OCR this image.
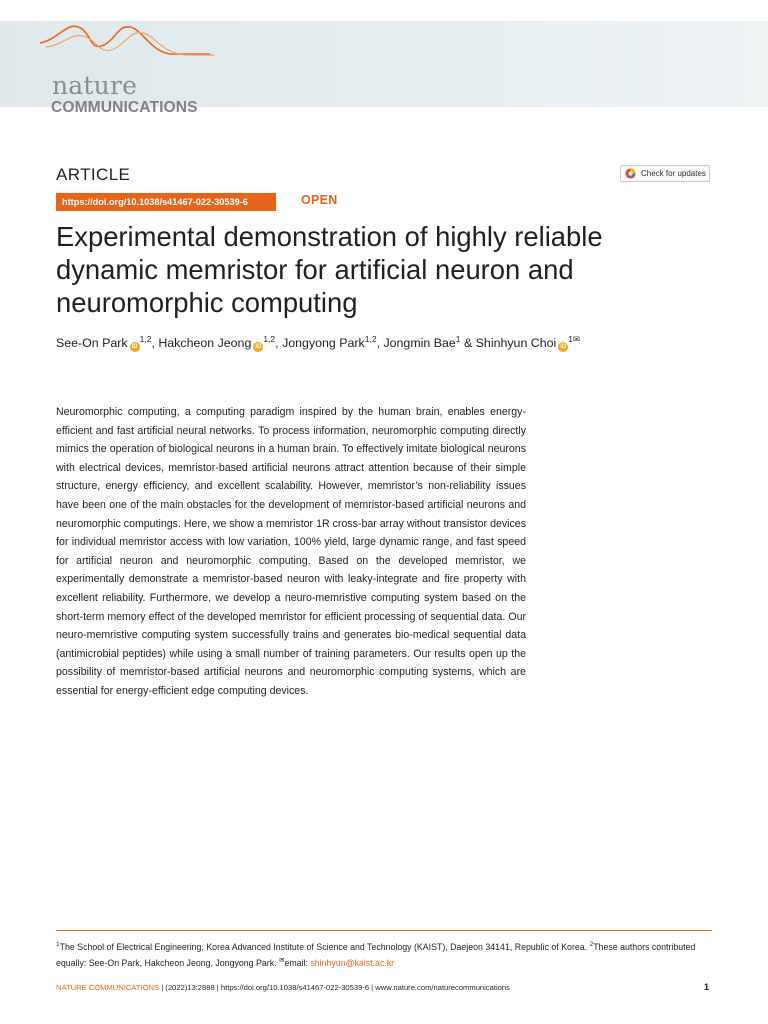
nature
COMMUNICATIONS
ARTICLE	Check for updates
https://doi.org/10.1038/s41467-022-30539-6	OPEN
Experimental demonstration of highly reliable dynamic memristor for artificial neuron and neuromorphic computing
See-On Park iD$^{1,2}$, Hakcheon Jeong iD$^{1,2}$, Jongyong Park$^{1,2}$, Jongmin Bae$^1$ & Shinhyun Choi $iD^{1✉}$
Neuromorphic computing, a computing paradigm inspired by the human brain, enables energy-efficient and fast artificial neural networks. To process information, neuromorphic computing directly mimics the operation of biological neurons in a human brain. To effectively imitate biological neurons with electrical devices, memristor-based artificial neurons attract attention because of their simple structure, energy efficiency, and excellent scalability. However, memristor’s non-reliability issues have been one of the main obstacles for the development of memristor-based artificial neurons and neuromorphic computings. Here, we show a memristor 1R cross-bar array without transistor devices for individual memristor access with low variation, 100% yield, large dynamic range, and fast speed for artificial neuron and neuromorphic computing. Based on the developed memristor, we experimentally demonstrate a memristor-based neuron with leaky-integrate and fire property with excellent reliability. Furthermore, we develop a neuro-memristive computing system based on the short-term memory effect of the developed memristor for efficient processing of sequential data. Our neuro-memristive computing system successfully trains and generates bio-medical sequential data (antimicrobial peptides) while using a small number of training parameters. Our results open up the possibility of memristor-based artificial neurons and neuromorphic computing systems, which are essential for energy-efficient edge computing devices.
$^1$The School of Electrical Engineering, Korea Advanced Institute of Science and Technology (KAIST), Daejeon 34141, Republic of Korea. $^2$These authors contributed equally: See-On Park, Hakcheon Jeong, Jongyong Park. ✉email: shinhyun@kaist.ac.kr
NATURE COMMUNICATIONS | (2022)13:2888 | https://doi.org/10.1038/s41467-022-30539-6 | www.nature.com/naturecommunications	1
